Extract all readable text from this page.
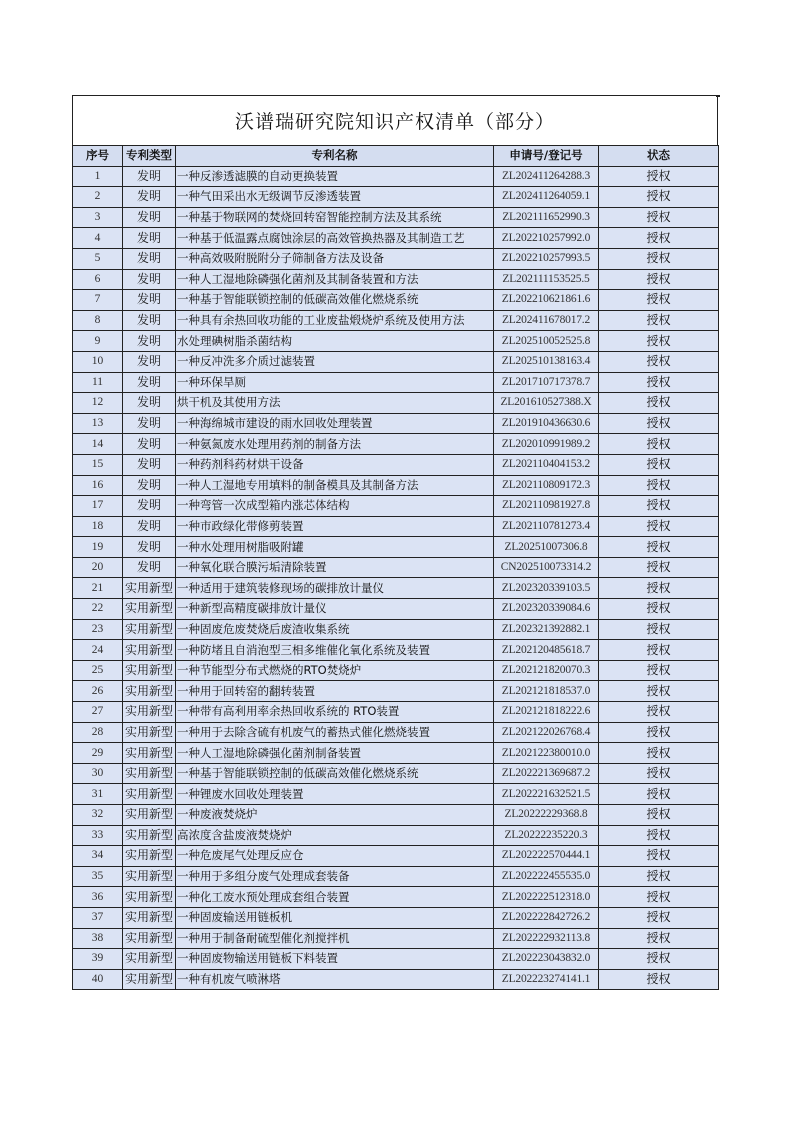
沃谱瑞研究院知识产权清单（部分）
序号	专利类型	专利名称	申请号/登记号	状态
1	发明	一种反渗透滤膜的自动更换装置	ZL202411264288.3	授权
2	发明	一种气田采出水无级调节反渗透装置	ZL202411264059.1	授权
3	发明	一种基于物联网的焚烧回转窑智能控制方法及其系统	ZL202111652990.3	授权
4	发明	一种基于低温露点腐蚀涂层的高效管换热器及其制造工艺	ZL202210257992.0	授权
5	发明	一种高效吸附脱附分子筛制备方法及设备	ZL202210257993.5	授权
6	发明	一种人工湿地除磷强化菌剂及其制备装置和方法	ZL202111153525.5	授权
7	发明	一种基于智能联锁控制的低碳高效催化燃烧系统	ZL202210621861.6	授权
8	发明	一种具有余热回收功能的工业废盐煅烧炉系统及使用方法	ZL202411678017.2	授权
9	发明	水处理碘树脂杀菌结构	ZL202510052525.8	授权
10	发明	一种反冲洗多介质过滤装置	ZL202510138163.4	授权
11	发明	一种环保旱厕	ZL201710717378.7	授权
12	发明	烘干机及其使用方法	ZL201610527388.X	授权
13	发明	一种海绵城市建设的雨水回收处理装置	ZL201910436630.6	授权
14	发明	一种氨氮废水处理用药剂的制备方法	ZL202010991989.2	授权
15	发明	一种药剂科药材烘干设备	ZL202110404153.2	授权
16	发明	一种人工湿地专用填料的制备模具及其制备方法	ZL202110809172.3	授权
17	发明	一种弯管一次成型箱内涨芯体结构	ZL202110981927.8	授权
18	发明	一种市政绿化带修剪装置	ZL202110781273.4	授权
19	发明	一种水处理用树脂吸附罐	ZL20251007306.8	授权
20	发明	一种氧化联合膜污垢清除装置	CN202510073314.2	授权
21	实用新型	一种适用于建筑装修现场的碳排放计量仪	ZL202320339103.5	授权
22	实用新型	一种新型高精度碳排放计量仪	ZL202320339084.6	授权
23	实用新型	一种固废危废焚烧后废渣收集系统	ZL202321392882.1	授权
24	实用新型	一种防堵且自消泡型三相多维催化氧化系统及装置	ZL202120485618.7	授权
25	实用新型	一种节能型分布式燃烧的RTO焚烧炉	ZL202121820070.3	授权
26	实用新型	一种用于回转窑的翻转装置	ZL202121818537.0	授权
27	实用新型	一种带有高利用率余热回收系统的 RTO装置	ZL202121818222.6	授权
28	实用新型	一种用于去除含硫有机废气的蓄热式催化燃烧装置	ZL202122026768.4	授权
29	实用新型	一种人工湿地除磷强化菌剂制备装置	ZL202122380010.0	授权
30	实用新型	一种基于智能联锁控制的低碳高效催化燃烧系统	ZL202221369687.2	授权
31	实用新型	一种锂废水回收处理装置	ZL202221632521.5	授权
32	实用新型	一种废液焚烧炉	ZL20222229368.8	授权
33	实用新型	高浓度含盐废液焚烧炉	ZL20222235220.3	授权
34	实用新型	一种危废尾气处理反应仓	ZL202222570444.1	授权
35	实用新型	一种用于多组分废气处理成套装备	ZL202222455535.0	授权
36	实用新型	一种化工废水预处理成套组合装置	ZL202222512318.0	授权
37	实用新型	一种固废输送用链板机	ZL202222842726.2	授权
38	实用新型	一种用于制备耐硫型催化剂搅拌机	ZL202222932113.8	授权
39	实用新型	一种固废物输送用链板下料装置	ZL202223043832.0	授权
40	实用新型	一种有机废气喷淋塔	ZL202223274141.1	授权
